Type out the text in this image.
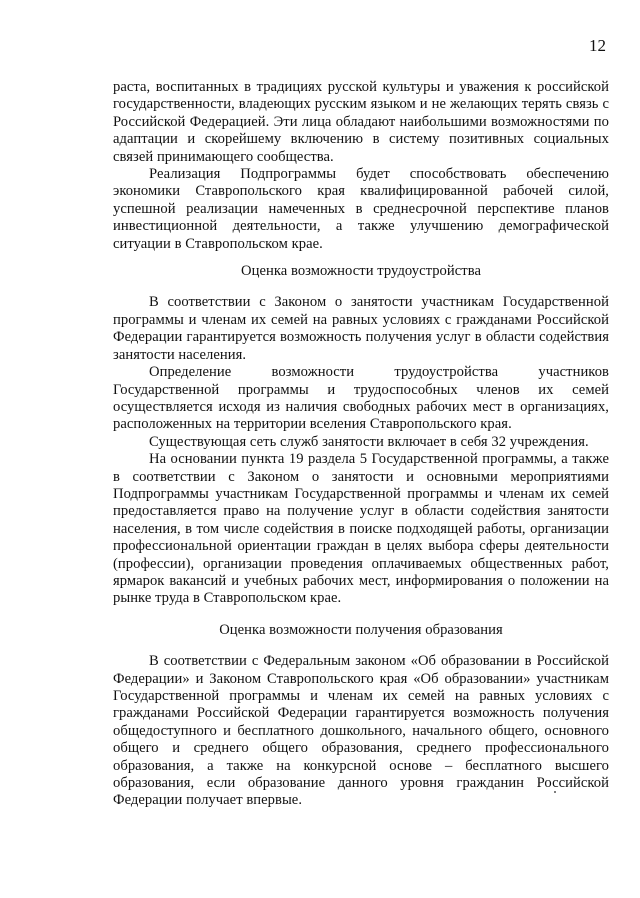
12

раста, воспитанных в традициях русской культуры и уважения к российской государственности, владеющих русским языком и не желающих терять связь с Российской Федерацией. Эти лица обладают наибольшими возможностями по адаптации и скорейшему включению в систему позитивных социальных связей принимающего сообщества.

Реализация Подпрограммы будет способствовать обеспечению экономики Ставропольского края квалифицированной рабочей силой, успешной реализации намеченных в среднесрочной перспективе планов инвестиционной деятельности, а также улучшению демографической ситуации в Ставропольском крае.

Оценка возможности трудоустройства

В соответствии с Законом о занятости участникам Государственной программы и членам их семей на равных условиях с гражданами Российской Федерации гарантируется возможность получения услуг в области содействия занятости населения.

Определение возможности трудоустройства участников Государственной программы и трудоспособных членов их семей осуществляется исходя из наличия свободных рабочих мест в организациях, расположенных на территории вселения Ставропольского края.

Существующая сеть служб занятости включает в себя 32 учреждения.

На основании пункта 19 раздела 5 Государственной программы, а также в соответствии с Законом о занятости и основными мероприятиями Подпрограммы участникам Государственной программы и членам их семей предоставляется право на получение услуг в области содействия занятости населения, в том числе содействия в поиске подходящей работы, организации профессиональной ориентации граждан в целях выбора сферы деятельности (профессии), организации проведения оплачиваемых общественных работ, ярмарок вакансий и учебных рабочих мест, информирования о положении на рынке труда в Ставропольском крае.

Оценка возможности получения образования

В соответствии с Федеральным законом «Об образовании в Российской Федерации» и Законом Ставропольского края «Об образовании» участникам Государственной программы и членам их семей на равных условиях с гражданами Российской Федерации гарантируется возможность получения общедоступного и бесплатного дошкольного, начального общего, основного общего и среднего общего образования, среднего профессионального образования, а также на конкурсной основе – бесплатного высшего образования, если образование данного уровня гражданин Российской Федерации получает впервые.
